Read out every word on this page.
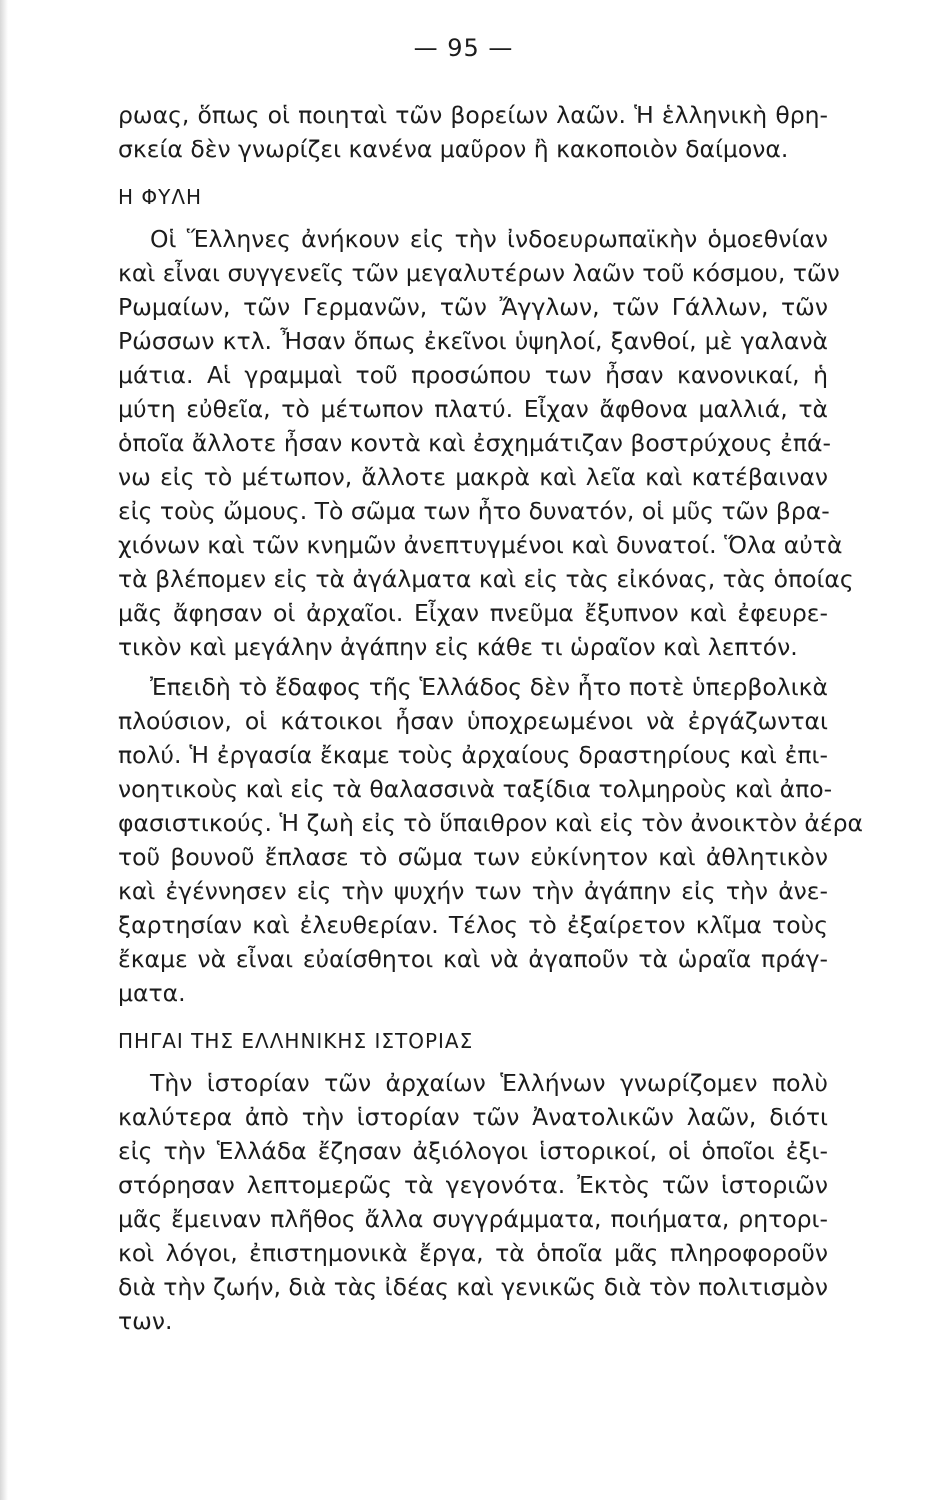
— 95 —
ρωας, ὅπως οἱ ποιηταὶ τῶν βορείων λαῶν. Ἡ ἑλληνικὴ θρη-
σκεία δὲν γνωρίζει κανένα μαῦρον ἢ κακοποιὸν δαίμονα.
Η ΦΥΛΗ
Οἱ Ἕλληνες ἀνήκουν εἰς τὴν ἰνδοευρωπαϊκὴν ὁμοεθνίαν
καὶ εἶναι συγγενεῖς τῶν μεγαλυτέρων λαῶν τοῦ κόσμου, τῶν
Ρωμαίων, τῶν Γερμανῶν, τῶν Ἄγγλων, τῶν Γάλλων, τῶν
Ρώσσων κτλ. Ἦσαν ὅπως ἐκεῖνοι ὑψηλοί, ξανθοί, μὲ γαλανὰ
μάτια. Αἱ γραμμαὶ τοῦ προσώπου των ἦσαν κανονικαί, ἡ
μύτη εὐθεῖα, τὸ μέτωπον πλατύ. Εἶχαν ἄφθονα μαλλιά, τὰ
ὁποῖα ἄλλοτε ἦσαν κοντὰ καὶ ἐσχημάτιζαν βοστρύχους ἐπά-
νω εἰς τὸ μέτωπον, ἄλλοτε μακρὰ καὶ λεῖα καὶ κατέβαιναν
εἰς τοὺς ὤμους. Τὸ σῶμα των ἦτο δυνατόν, οἱ μῦς τῶν βρα-
χιόνων καὶ τῶν κνημῶν ἀνεπτυγμένοι καὶ δυνατοί. Ὅλα αὐτὰ
τὰ βλέπομεν εἰς τὰ ἀγάλματα καὶ εἰς τὰς εἰκόνας, τὰς ὁποίας
μᾶς ἄφησαν οἱ ἀρχαῖοι. Εἶχαν πνεῦμα ἔξυπνον καὶ ἐφευρε-
τικὸν καὶ μεγάλην ἀγάπην εἰς κάθε τι ὡραῖον καὶ λεπτόν.
Ἐπειδὴ τὸ ἔδαφος τῆς Ἑλλάδος δὲν ἦτο ποτὲ ὑπερβολικὰ
πλούσιον, οἱ κάτοικοι ἦσαν ὑποχρεωμένοι νὰ ἐργάζωνται
πολύ. Ἡ ἐργασία ἔκαμε τοὺς ἀρχαίους δραστηρίους καὶ ἐπι-
νοητικοὺς καὶ εἰς τὰ θαλασσινὰ ταξίδια τολμηροὺς καὶ ἀπο-
φασιστικούς. Ἡ ζωὴ εἰς τὸ ὕπαιθρον καὶ εἰς τὸν ἀνοικτὸν ἀέρα
τοῦ βουνοῦ ἔπλασε τὸ σῶμα των εὐκίνητον καὶ ἀθλητικὸν
καὶ ἐγέννησεν εἰς τὴν ψυχήν των τὴν ἀγάπην εἰς τὴν ἀνε-
ξαρτησίαν καὶ ἐλευθερίαν. Τέλος τὸ ἐξαίρετον κλῖμα τοὺς
ἔκαμε νὰ εἶναι εὐαίσθητοι καὶ νὰ ἀγαποῦν τὰ ὡραῖα πράγ-
ματα.
ΠΗΓΑΙ ΤΗΣ ΕΛΛΗΝΙΚΗΣ ΙΣΤΟΡΙΑΣ
Τὴν ἱστορίαν τῶν ἀρχαίων Ἑλλήνων γνωρίζομεν πολὺ
καλύτερα ἀπὸ τὴν ἱστορίαν τῶν Ἀνατολικῶν λαῶν, διότι
εἰς τὴν Ἑλλάδα ἔζησαν ἀξιόλογοι ἱστορικοί, οἱ ὁποῖοι ἐξι-
στόρησαν λεπτομερῶς τὰ γεγονότα. Ἐκτὸς τῶν ἱστοριῶν
μᾶς ἔμειναν πλῆθος ἄλλα συγγράμματα, ποιήματα, ρητορι-
κοὶ λόγοι, ἐπιστημονικὰ ἔργα, τὰ ὁποῖα μᾶς πληροφοροῦν
διὰ τὴν ζωήν, διὰ τὰς ἰδέας καὶ γενικῶς διὰ τὸν πολιτισμὸν
των.
